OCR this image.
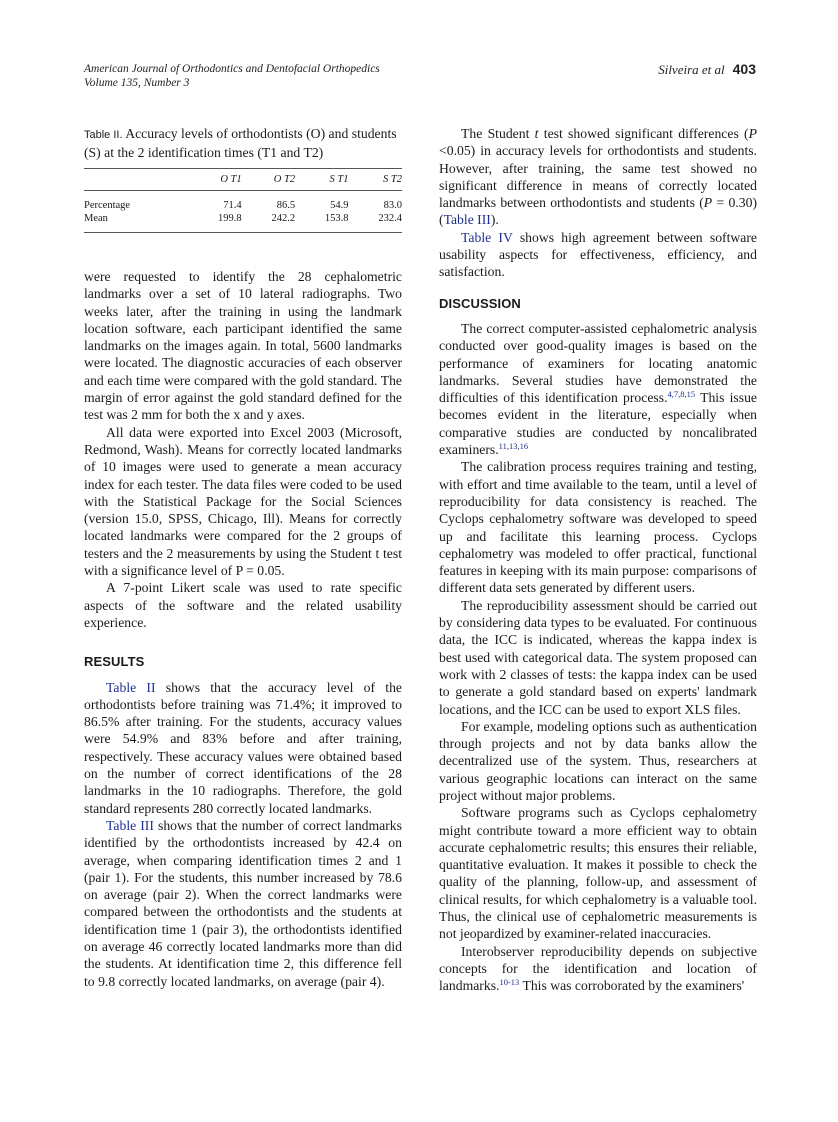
American Journal of Orthodontics and Dentofacial Orthopedics
Volume 135, Number 3
Silveira et al 403
Table II. Accuracy levels of orthodontists (O) and students (S) at the 2 identification times (T1 and T2)
	O T1	O T2	S T1	S T2
Percentage	71.4	86.5	54.9	83.0
Mean	199.8	242.2	153.8	232.4

were requested to identify the 28 cephalometric landmarks over a set of 10 lateral radiographs. Two weeks later, after the training in using the landmark location software, each participant identified the same landmarks on the images again. In total, 5600 landmarks were located. The diagnostic accuracies of each observer and each time were compared with the gold standard. The margin of error against the gold standard defined for the test was 2 mm for both the x and y axes.

All data were exported into Excel 2003 (Microsoft, Redmond, Wash). Means for correctly located landmarks of 10 images were used to generate a mean accuracy index for each tester. The data files were coded to be used with the Statistical Package for the Social Sciences (version 15.0, SPSS, Chicago, Ill). Means for correctly located landmarks were compared for the 2 groups of testers and the 2 measurements by using the Student t test with a significance level of P = 0.05.

A 7-point Likert scale was used to rate specific aspects of the software and the related usability experience.

RESULTS

Table II shows that the accuracy level of the orthodontists before training was 71.4%; it improved to 86.5% after training. For the students, accuracy values were 54.9% and 83% before and after training, respectively. These accuracy values were obtained based on the number of correct identifications of the 28 landmarks in the 10 radiographs. Therefore, the gold standard represents 280 correctly located landmarks.

Table III shows that the number of correct landmarks identified by the orthodontists increased by 42.4 on average, when comparing identification times 2 and 1 (pair 1). For the students, this number increased by 78.6 on average (pair 2). When the correct landmarks were compared between the orthodontists and the students at identification time 1 (pair 3), the orthodontists identified on average 46 correctly located landmarks more than did the students. At identification time 2, this difference fell to 9.8 correctly located landmarks, on average (pair 4).

The Student t test showed significant differences (P <0.05) in accuracy levels for orthodontists and students. However, after training, the same test showed no significant difference in means of correctly located landmarks between orthodontists and students (P = 0.30) (Table III).

Table IV shows high agreement between software usability aspects for effectiveness, efficiency, and satisfaction.

DISCUSSION

The correct computer-assisted cephalometric analysis conducted over good-quality images is based on the performance of examiners for locating anatomic landmarks. Several studies have demonstrated the difficulties of this identification process.$^{4,7,8,15}$ This issue becomes evident in the literature, especially when comparative studies are conducted by noncalibrated examiners.$^{11,13,16}$

The calibration process requires training and testing, with effort and time available to the team, until a level of reproducibility for data consistency is reached. The Cyclops cephalometry software was developed to speed up and facilitate this learning process. Cyclops cephalometry was modeled to offer practical, functional features in keeping with its main purpose: comparisons of different data sets generated by different users.

The reproducibility assessment should be carried out by considering data types to be evaluated. For continuous data, the ICC is indicated, whereas the kappa index is best used with categorical data. The system proposed can work with 2 classes of tests: the kappa index can be used to generate a gold standard based on experts' landmark locations, and the ICC can be used to export XLS files.

For example, modeling options such as authentication through projects and not by data banks allow the decentralized use of the system. Thus, researchers at various geographic locations can interact on the same project without major problems.

Software programs such as Cyclops cephalometry might contribute toward a more efficient way to obtain accurate cephalometric results; this ensures their reliable, quantitative evaluation. It makes it possible to check the quality of the planning, follow-up, and assessment of clinical results, for which cephalometry is a valuable tool. Thus, the clinical use of cephalometric measurements is not jeopardized by examiner-related inaccuracies.

Interobserver reproducibility depends on subjective concepts for the identification and location of landmarks.$^{10-13}$ This was corroborated by the examiners'
